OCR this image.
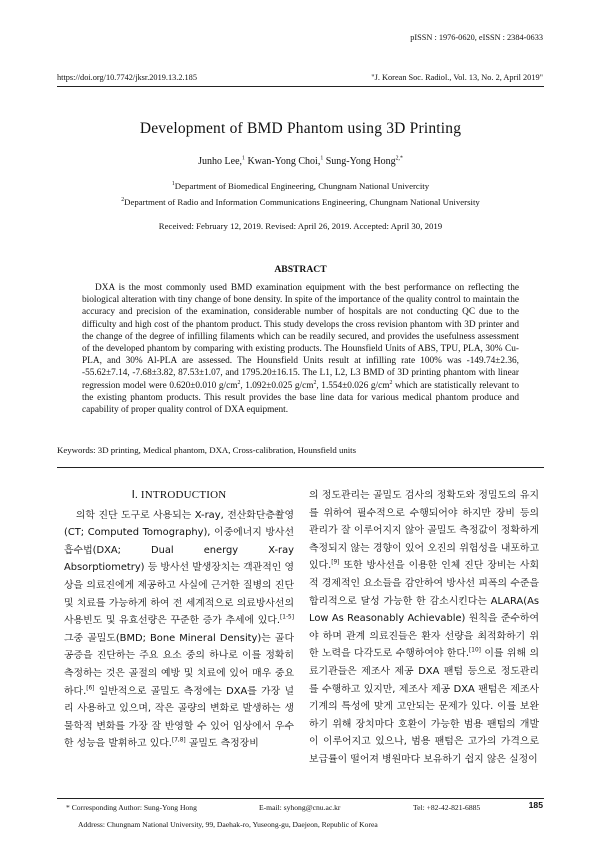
pISSN : 1976-0620, eISSN : 2384-0633
https://doi.org/10.7742/jksr.2019.13.2.185	"J. Korean Soc. Radiol., Vol. 13, No. 2, April 2019"
Development of BMD Phantom using 3D Printing
Junho Lee,$^1$ Kwan-Yong Choi,$^1$ Sung-Yong Hong$^{2,*}$
$^1$Department of Biomedical Engineering, Chungnam National Univercity
$^2$Department of Radio and Information Communications Engineering, Chungnam National University
Received: February 12, 2019. Revised: April 26, 2019. Accepted: April 30, 2019
ABSTRACT

DXA is the most commonly used BMD examination equipment with the best performance on reflecting the biological alteration with tiny change of bone density. In spite of the importance of the quality control to maintain the accuracy and precision of the examination, considerable number of hospitals are not conducting QC due to the difficulty and high cost of the phantom product. This study develops the cross revision phantom with 3D printer and the change of the degree of infilling filaments which can be readily secured, and provides the usefulness assessment of the developed phantom by comparing with existing products. The Hounsfield Units of ABS, TPU, PLA, 30% Cu-PLA, and 30% Al-PLA are assessed. The Hounsfield Units result at infilling rate 100% was -149.74±2.36, -55.62±7.14, -7.68±3.82, 87.53±1.07, and 1795.20±16.15. The L1, L2, L3 BMD of 3D printing phantom with linear regression model were 0.620±0.010 $g/cm^2$, 1.092±0.025 $g/cm^2$, 1.554±0.026 $g/cm^2$ which are statistically relevant to the existing phantom products. This result provides the base line data for various medical phantom produce and capability of proper quality control of DXA equipment.

Keywords: 3D printing, Medical phantom, DXA, Cross-calibration, Hounsfield units
Ⅰ. INTRODUCTION

의학 진단 도구로 사용되는 X-ray, 전산화단층촬영(CT; Computed Tomography), 이중에너지 방사선흡수법(DXA; Dual energy X-ray Absorptiometry) 등 방사선 발생장치는 객관적인 영상을 의료진에게 제공하고 사실에 근거한 질병의 진단 및 치료를 가능하게 하여 전 세계적으로 의료방사선의 사용빈도 및 유효선량은 꾸준한 증가 추세에 있다.[1-5] 그중 골밀도(BMD; Bone Mineral Density)는 골다공증을 진단하는 주요 요소 중의 하나로 이를 정확히 측정하는 것은 골절의 예방 및 치료에 있어 매우 중요하다.[6] 일반적으로 골밀도 측정에는 DXA를 가장 널리 사용하고 있으며, 작은 골량의 변화로 발생하는 생물학적 변화를 가장 잘 반영할 수 있어 임상에서 우수한 성능을 발휘하고 있다.[7,8] 골밀도 측정장비

의 정도관리는 골밀도 검사의 정확도와 정밀도의 유지를 위하여 필수적으로 수행되어야 하지만 장비 등의 관리가 잘 이루어지지 않아 골밀도 측정값이 정확하게 측정되지 않는 경향이 있어 오진의 위험성을 내포하고 있다.[9] 또한 방사선을 이용한 인체 진단 장비는 사회적 경제적인 요소들을 감안하여 방사선 피폭의 수준을 합리적으로 달성 가능한 한 감소시킨다는 ALARA(As Low As Reasonably Achievable) 원칙을 준수하여야 하며 관계 의료진들은 환자 선량을 최적화하기 위한 노력을 다각도로 수행하여야 한다.[10] 이를 위해 의료기관들은 제조사 제공 DXA 팬텀 등으로 정도관리를 수행하고 있지만, 제조사 제공 DXA 팬텀은 제조사 기계의 특성에 맞게 고안되는 문제가 있다. 이를 보완하기 위해 장치마다 호환이 가능한 범용 팬텀의 개발이 이루어지고 있으나, 범용 팬텀은 고가의 가격으로 보급률이 떨어져 병원마다 보유하기 쉽지 않은 실정이

* Corresponding Author: Sung-Yong Hong	E-mail: syhong@cnu.ac.kr	Tel: +82-42-821-6885	185
Address: Chungnam National University, 99, Daehak-ro, Yuseong-gu, Daejeon, Republic of Korea
